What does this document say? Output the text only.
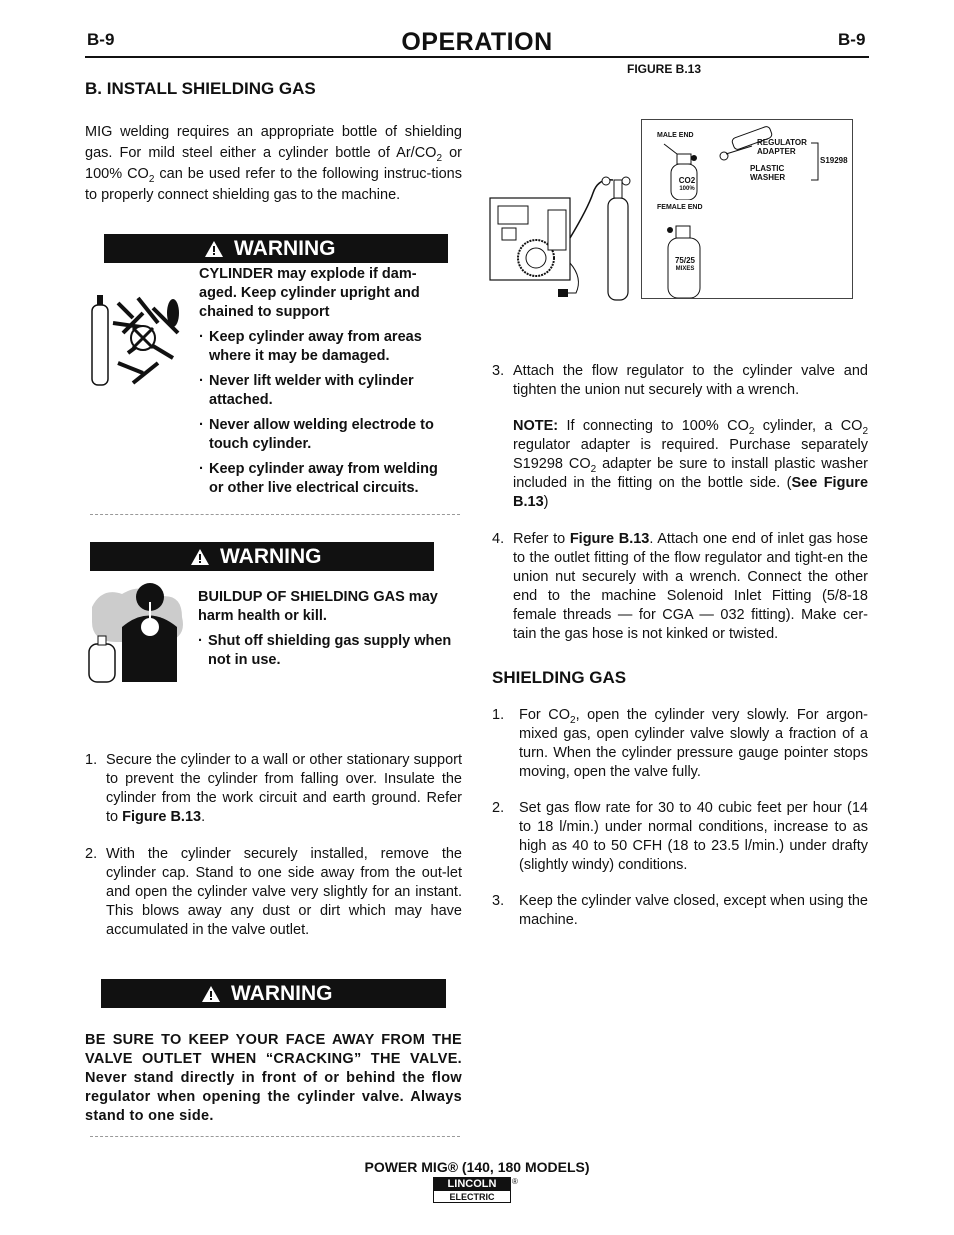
B-9	OPERATION	B-9
B. INSTALL SHIELDING GAS
MIG welding requires an appropriate bottle of shielding gas. For mild steel either a cylinder bottle of $Ar/CO_2$ or 100% $CO_2$ can be used refer to the following instruc-tions to properly connect shielding gas to the machine.
WARNING
CYLINDER may explode if dam-aged. Keep cylinder upright and chained to support
· Keep cylinder away from areas where it may be damaged.
· Never lift welder with cylinder attached.
· Never allow welding electrode to touch cylinder.
· Keep cylinder away from welding or other live electrical circuits.
WARNING
BUILDUP OF SHIELDING GAS may harm health or kill.
· Shut off shielding gas supply when not in use.
1. Secure the cylinder to a wall or other stationary support to prevent the cylinder from falling over. Insulate the cylinder from the work circuit and earth ground. Refer to Figure B.13.
2. With the cylinder securely installed, remove the cylinder cap. Stand to one side away from the out-let and open the cylinder valve very slightly for an instant. This blows away any dust or dirt which may have accumulated in the valve outlet.
WARNING
BE SURE TO KEEP YOUR FACE AWAY FROM THE VALVE OUTLET WHEN “CRACKING” THE VALVE. Never stand directly in front of or behind the flow regulator when opening the cylinder valve. Always stand to one side.
FIGURE B.13
MALE END
CO2
100%
REGULATOR ADAPTER
PLASTIC WASHER
S19298
FEMALE END
75/25
MIXES
3. Attach the flow regulator to the cylinder valve and tighten the union nut securely with a wrench.
NOTE: If connecting to 100% $CO_2$ cylinder, a $CO_2$ regulator adapter is required. Purchase separately S19298 $CO_2$ adapter be sure to install plastic washer included in the fitting on the bottle side. (See Figure B.13)
4. Refer to Figure B.13. Attach one end of inlet gas hose to the outlet fitting of the flow regulator and tight-en the union nut securely with a wrench. Connect the other end to the machine Solenoid Inlet Fitting (5/8-18 female threads — for CGA — 032 fitting). Make cer-tain the gas hose is not kinked or twisted.
SHIELDING GAS
1.	For $CO_2$, open the cylinder very slowly. For argon-mixed gas, open cylinder valve slowly a fraction of a turn. When the cylinder pressure gauge pointer stops moving, open the valve fully.
2.	Set gas flow rate for 30 to 40 cubic feet per hour (14 to 18 l/min.) under normal conditions, increase to as high as 40 to 50 CFH (18 to 23.5 l/min.) under drafty (slightly windy) conditions.
3.	Keep the cylinder valve closed, except when using the machine.
POWER MIG® (140, 180 MODELS)
LINCOLN
ELECTRIC
®
